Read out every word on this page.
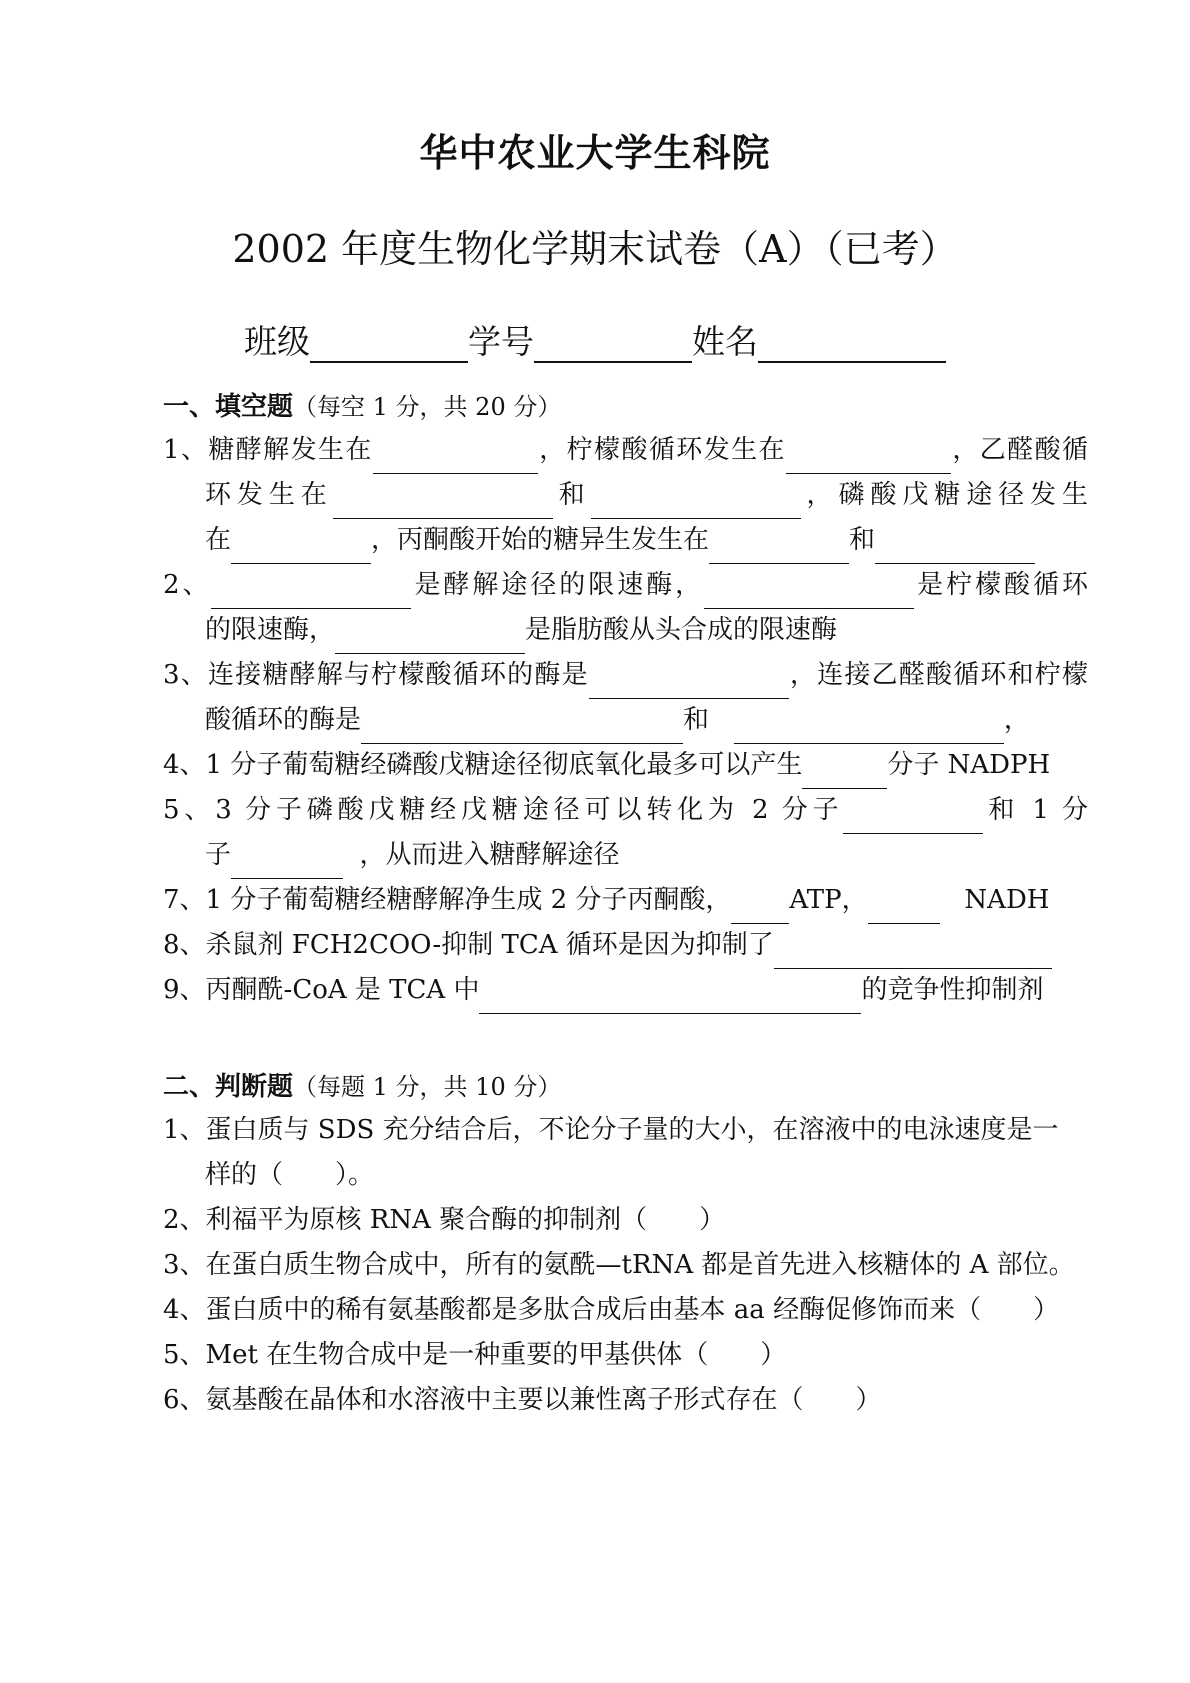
华中农业大学生科院
2002 年度生物化学期末试卷（A）（已考）
班级	学号	姓名
一、填空题（每空 1 分，共 20 分）
1、糖酵解发生在	，柠檬酸循环发生在	，乙醛酸循
环发生在	和	，磷酸戊糖途径发生
在	，丙酮酸开始的糖异生发生在	和
2、	是酵解途径的限速酶，	是柠檬酸循环
的限速酶，	是脂肪酸从头合成的限速酶
3、连接糖酵解与柠檬酸循环的酶是	，连接乙醛酸循环和柠檬
酸循环的酶是	和	，
4、1 分子葡萄糖经磷酸戊糖途径彻底氧化最多可以产生	分子 NADPH
5、3 分子磷酸戊糖经戊糖途径可以转化为 2 分子	和 1 分
子	，从而进入糖酵解途径
7、1 分子葡萄糖经糖酵解净生成 2 分子丙酮酸， ATP，	NADH
8、杀鼠剂 FCH2COO-抑制 TCA 循环是因为抑制了
9、丙酮酰-CoA 是 TCA 中	的竞争性抑制剂
二、判断题（每题 1 分，共 10 分）
1、蛋白质与 SDS 充分结合后，不论分子量的大小，在溶液中的电泳速度是一
样的（　　）。
2、利福平为原核 RNA 聚合酶的抑制剂（　　）
3、在蛋白质生物合成中，所有的氨酰—tRNA 都是首先进入核糖体的 A 部位。
4、蛋白质中的稀有氨基酸都是多肽合成后由基本 aa 经酶促修饰而来（　　）
5、Met 在生物合成中是一种重要的甲基供体（　　）
6、氨基酸在晶体和水溶液中主要以兼性离子形式存在（　　）
